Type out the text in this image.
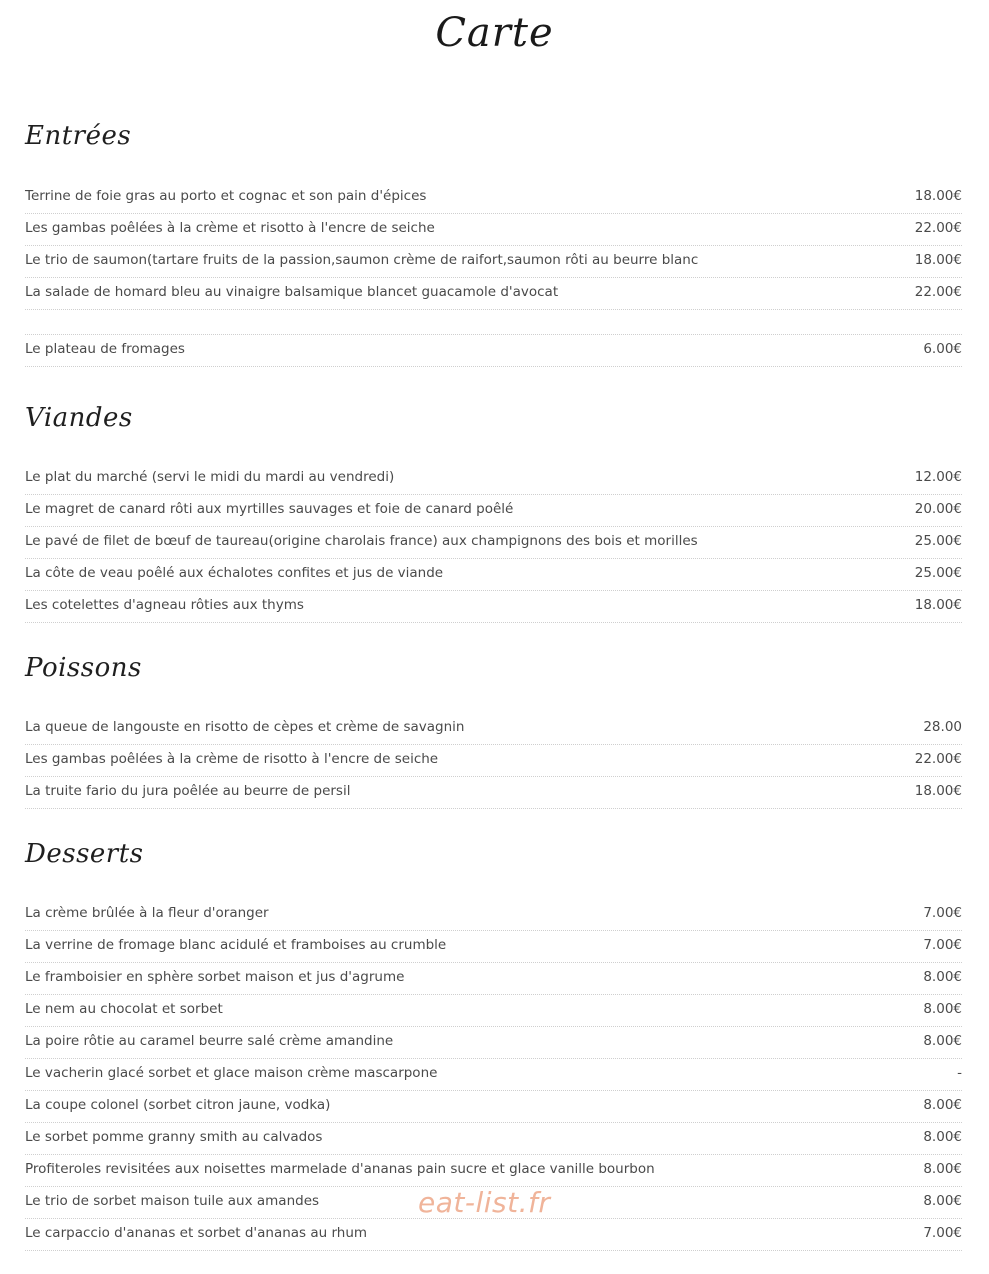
Carte
Entrées
Terrine de foie gras au porto et cognac et son pain d'épices	18.00€
Les gambas poêlées à la crème et risotto à l'encre de seiche	22.00€
Le trio de saumon(tartare fruits de la passion,saumon crème de raifort,saumon rôti au beurre blanc	18.00€
La salade de homard bleu au vinaigre balsamique blancet guacamole d'avocat	22.00€
Le plateau de fromages	6.00€
Viandes
Le plat du marché (servi le midi du mardi au vendredi)	12.00€
Le magret de canard rôti aux myrtilles sauvages et foie de canard poêlé	20.00€
Le pavé de filet de bœuf de taureau(origine charolais france) aux champignons des bois et morilles	25.00€
La côte de veau poêlé aux échalotes confites et jus de viande	25.00€
Les cotelettes d'agneau rôties aux thyms	18.00€
Poissons
La queue de langouste en risotto de cèpes et crème de savagnin	28.00
Les gambas poêlées à la crème de risotto à l'encre de seiche	22.00€
La truite fario du jura poêlée au beurre de persil	18.00€
Desserts
La crème brûlée à la fleur d'oranger	7.00€
La verrine de fromage blanc acidulé et framboises au crumble	7.00€
Le framboisier en sphère sorbet maison et jus d'agrume	8.00€
Le nem au chocolat et sorbet	8.00€
La poire rôtie au caramel beurre salé crème amandine	8.00€
Le vacherin glacé sorbet et glace maison crème mascarpone	-
La coupe colonel (sorbet citron jaune, vodka)	8.00€
Le sorbet pomme granny smith au calvados	8.00€
Profiteroles revisitées aux noisettes marmelade d'ananas pain sucre et glace vanille bourbon	8.00€
Le trio de sorbet maison tuile aux amandes	8.00€
Le carpaccio d'ananas et sorbet d'ananas au rhum	7.00€
eat-list.fr
